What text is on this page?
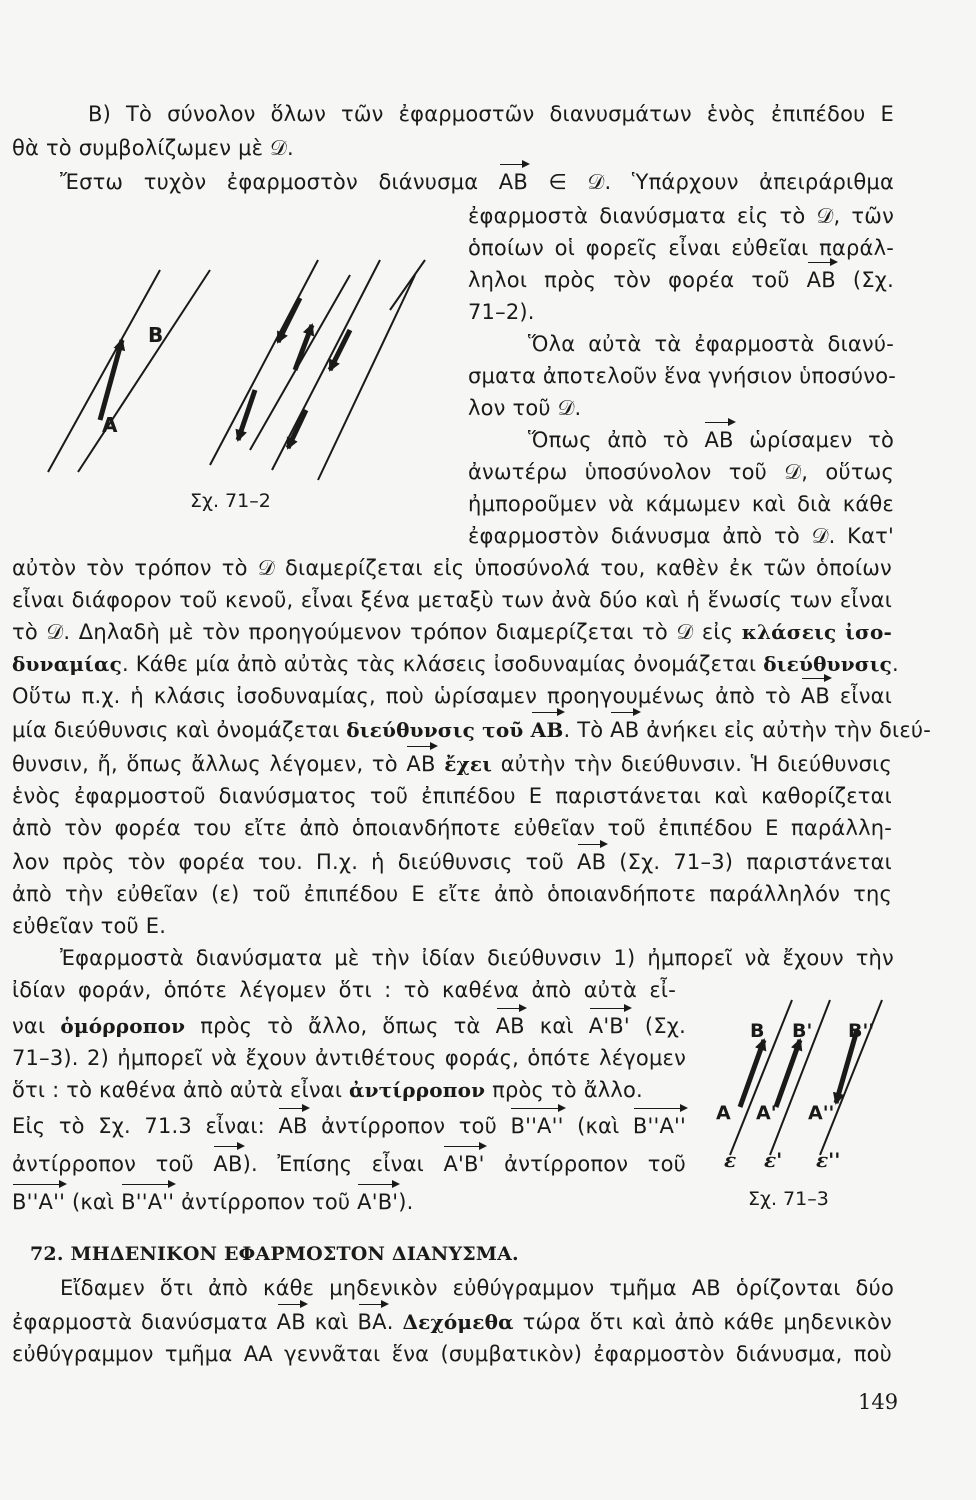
Β) Τὸ σύνολον ὅλων τῶν ἐφαρμοστῶν διανυσμάτων ἑνὸς ἐπιπέδου Ε
θὰ τὸ συμβολίζωμεν μὲ 𝒟.
Ἔστω τυχὸν ἐφαρμοστὸν διάνυσμα ΑΒ ∈ 𝒟. Ὑπάρχουν ἀπειράριθμα
ἐφαρμοστὰ διανύσματα εἰς τὸ 𝒟, τῶν
ὁποίων οἱ φορεῖς εἶναι εὐθεῖαι παράλ-
ληλοι πρὸς τὸν φορέα τοῦ ΑΒ (Σχ.
71–2).
Ὅλα αὐτὰ τὰ ἐφαρμοστὰ διανύ-
σματα ἀποτελοῦν ἕνα γνήσιον ὑποσύνο-
λον τοῦ 𝒟.
Ὅπως ἀπὸ τὸ ΑΒ ὡρίσαμεν τὸ
ἀνωτέρω ὑποσύνολον τοῦ 𝒟, οὕτως
ἠμποροῦμεν νὰ κάμωμεν καὶ διὰ κάθε
ἐφαρμοστὸν διάνυσμα ἀπὸ τὸ 𝒟. Κατ'
Β
Α
Σχ. 71–2
αὐτὸν τὸν τρόπον τὸ 𝒟 διαμερίζεται εἰς ὑποσύνολά του, καθὲν ἐκ τῶν ὁποίων
εἶναι διάφορον τοῦ κενοῦ, εἶναι ξένα μεταξὺ των ἀνὰ δύο καὶ ἡ ἕνωσίς των εἶναι
τὸ 𝒟. Δηλαδὴ μὲ τὸν προηγούμενον τρόπον διαμερίζεται τὸ 𝒟 εἰς κλάσεις ἰσο-
δυναμίας. Κάθε μία ἀπὸ αὐτὰς τὰς κλάσεις ἰσοδυναμίας ὀνομάζεται διεύθυνσις.
Οὕτω π.χ. ἡ κλάσις ἰσοδυναμίας, ποὺ ὡρίσαμεν προηγουμένως ἀπὸ τὸ ΑΒ εἶναι
μία διεύθυνσις καὶ ὀνομάζεται διεύθυνσις τοῦ ΑΒ. Τὸ ΑΒ ἀνήκει εἰς αὐτὴν τὴν διεύ-
θυνσιν, ἤ, ὅπως ἄλλως λέγομεν, τὸ ΑΒ ἔχει αὐτὴν τὴν διεύθυνσιν. Ἡ διεύθυνσις
ἑνὸς ἐφαρμοστοῦ διανύσματος τοῦ ἐπιπέδου Ε παριστάνεται καὶ καθορίζεται
ἀπὸ τὸν φορέα του εἴτε ἀπὸ ὁποιανδήποτε εὐθεῖαν τοῦ ἐπιπέδου Ε παράλλη-
λον πρὸς τὸν φορέα του. Π.χ. ἡ διεύθυνσις τοῦ ΑΒ (Σχ. 71–3) παριστάνεται
ἀπὸ τὴν εὐθεῖαν (ε) τοῦ ἐπιπέδου Ε εἴτε ἀπὸ ὁποιανδήποτε παράλληλόν της
εὐθεῖαν τοῦ Ε.
Ἐφαρμοστὰ διανύσματα μὲ τὴν ἰδίαν διεύθυνσιν 1) ἠμπορεῖ νὰ ἔχουν τὴν
ἰδίαν φοράν, ὁπότε λέγομεν ὅτι : τὸ καθένα ἀπὸ αὐτὰ εἶ-
ναι ὁμόρροπον πρὸς τὸ ἄλλο, ὅπως τὰ ΑΒ καὶ Α'Β' (Σχ.
71–3). 2) ἠμπορεῖ νὰ ἔχουν ἀντιθέτους φοράς, ὁπότε λέγομεν
ὅτι : τὸ καθένα ἀπὸ αὐτὰ εἶναι ἀντίρροπον πρὸς τὸ ἄλλο.
Εἰς τὸ Σχ. 71.3 εἶναι: ΑΒ ἀντίρροπον τοῦ Β''Α'' (καὶ Β''Α''
ἀντίρροπον τοῦ ΑΒ). Ἐπίσης εἶναι Α'Β' ἀντίρροπον τοῦ
Β''Α'' (καὶ Β''Α'' ἀντίρροπον τοῦ Α'Β').
Β Β' Β''
Α Α' Α''
ε ε' ε''
Σχ. 71–3
72. ΜΗΔΕΝΙΚΟΝ ΕΦΑΡΜΟΣΤΟΝ ΔΙΑΝΥΣΜΑ.
Εἴδαμεν ὅτι ἀπὸ κάθε μηδενικὸν εὐθύγραμμον τμῆμα ΑΒ ὁρίζονται δύο
ἐφαρμοστὰ διανύσματα ΑΒ καὶ ΒΑ. Δεχόμεθα τώρα ὅτι καὶ ἀπὸ κάθε μηδενικὸν
εὐθύγραμμον τμῆμα ΑΑ γεννᾶται ἕνα (συμβατικὸν) ἐφαρμοστὸν διάνυσμα, ποὺ
149
